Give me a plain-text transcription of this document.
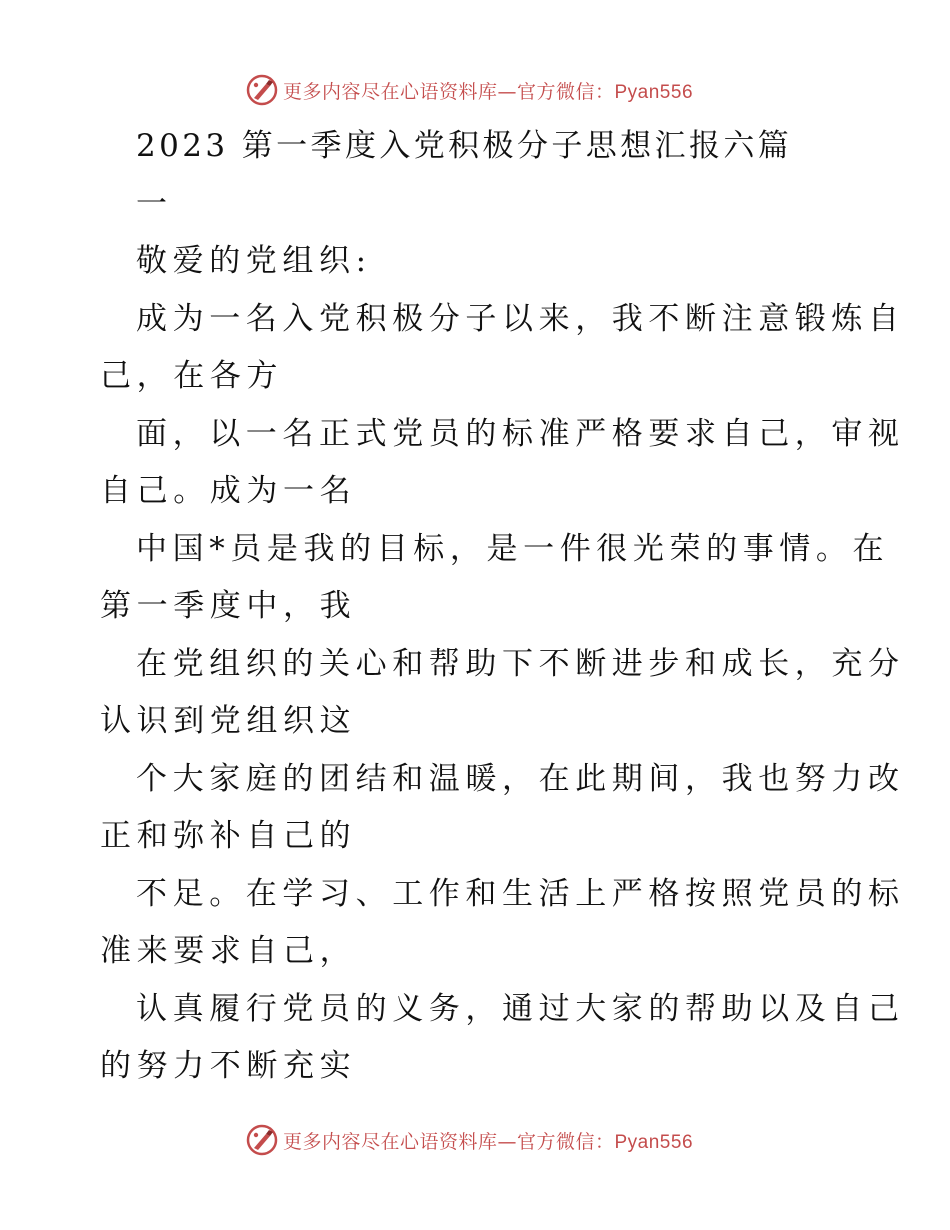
更多内容尽在心语资料库—官方微信：Pyan556
2023 第一季度入党积极分子思想汇报六篇
一
敬爱的党组织:
成为一名入党积极分子以来，我不断注意锻炼自
己，在各方
面，以一名正式党员的标准严格要求自己，审视
自己。成为一名
中国*员是我的目标，是一件很光荣的事情。在
第一季度中，我
在党组织的关心和帮助下不断进步和成长，充分
认识到党组织这
个大家庭的团结和温暖，在此期间，我也努力改
正和弥补自己的
不足。在学习、工作和生活上严格按照党员的标
准来要求自己，
认真履行党员的义务，通过大家的帮助以及自己
的努力不断充实
更多内容尽在心语资料库—官方微信：Pyan556
